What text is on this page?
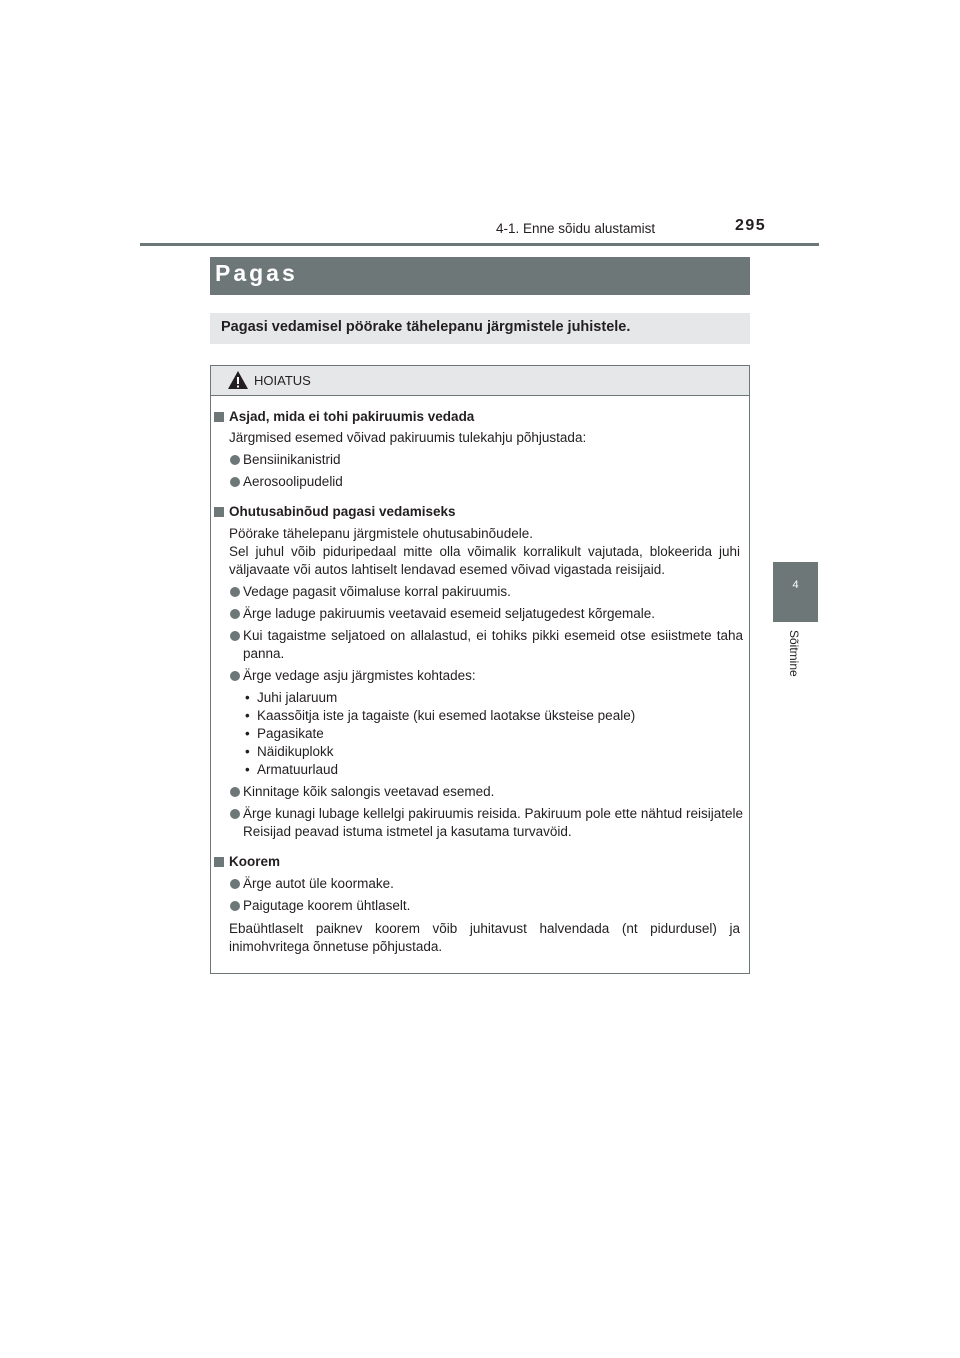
4-1. Enne sõidu alustamist	295
4
Sõitmine
Pagas
Pagasi vedamisel pöörake tähelepanu järgmistele juhistele.
HOIATUS
Asjad, mida ei tohi pakiruumis vedada
Järgmised esemed võivad pakiruumis tulekahju põhjustada:
Bensiinikanistrid
Aerosoolipudelid
Ohutusabinõud pagasi vedamiseks
Pöörake tähelepanu järgmistele ohutusabinõudele.
Sel juhul võib piduripedaal mitte olla võimalik korralikult vajutada, blokeerida juhi väljavaate või autos lahtiselt lendavad esemed võivad vigastada reisijaid.
Vedage pagasit võimaluse korral pakiruumis.
Ärge laduge pakiruumis veetavaid esemeid seljatugedest kõrgemale.
Kui tagaistme seljatoed on allalastud, ei tohiks pikki esemeid otse esiistmete taha panna.
Ärge vedage asju järgmistes kohtades:
• Juhi jalaruum
• Kaassõitja iste ja tagaiste (kui esemed laotakse üksteise peale)
• Pagasikate
• Näidikuplokk
• Armatuurlaud
Kinnitage kõik salongis veetavad esemed.
Ärge kunagi lubage kellelgi pakiruumis reisida. Pakiruum pole ette nähtud reisijatele Reisijad peavad istuma istmetel ja kasutama turvavöid.
Koorem
Ärge autot üle koormake.
Paigutage koorem ühtlaselt.
Ebaühtlaselt paiknev koorem võib juhitavust halvendada (nt pidurdusel) ja inimohvritega õnnetuse põhjustada.
